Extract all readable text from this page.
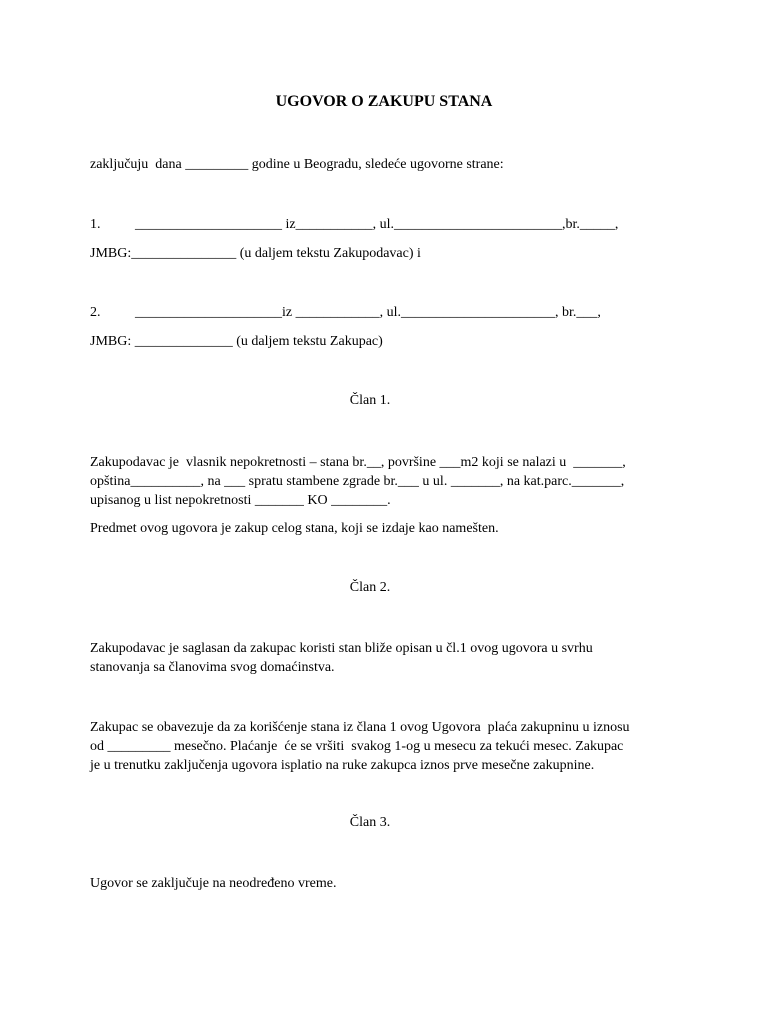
UGOVOR O ZAKUPU STANA
zaključuju  dana _________ godine u Beogradu, sledeće ugovorne strane:
1. _____________________ iz___________, ul.________________________,br._____,
JMBG:_______________ (u daljem tekstu Zakupodavac) i
2. _____________________iz ____________, ul.______________________, br.___,
JMBG: ______________ (u daljem tekstu Zakupac)
Član 1.
Zakupodavac je  vlasnik nepokretnosti – stana br.__, površine ___m2 koji se nalazi u  _______,
opština__________, na ___ spratu stambene zgrade br.___ u ul. _______, na kat.parc._______,
upisanog u list nepokretnosti _______ KO ________.
Predmet ovog ugovora je zakup celog stana, koji se izdaje kao nameštеn.
Član 2.
Zakupodavac je saglasan da zakupac koristi stan bliže opisan u čl.1 ovog ugovora u svrhu
stanovanja sa članovima svog domaćinstva.
Zakupac se obavezuje da za korišćenje stana iz člana 1 ovog Ugovora  plaća zakupninu u iznosu
od _________ mesečno. Plaćanje  će se vršiti  svakog 1-og u mesecu za tekući mesec. Zakupac
je u trenutku zaključenja ugovora isplatio na ruke zakupca iznos prve mesečne zakupnine.
Član 3.
Ugovor se zaključuje na neodređeno vreme.
